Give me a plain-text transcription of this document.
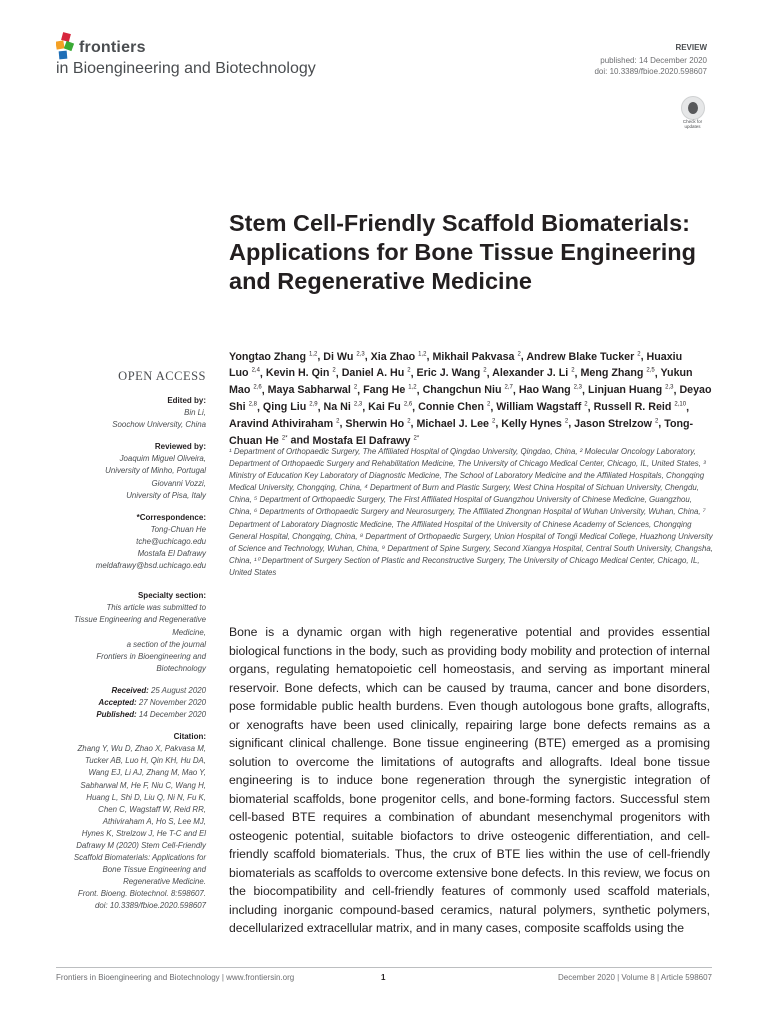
frontiers
in Bioengineering and Biotechnology
REVIEW
published: 14 December 2020
doi: 10.3389/fbioe.2020.598607
Check for updates
Stem Cell-Friendly Scaffold Biomaterials: Applications for Bone Tissue Engineering and Regenerative Medicine
Yongtao Zhang $^{1,2}$, Di Wu $^{2,3}$, Xia Zhao $^{1,2}$, Mikhail Pakvasa $^2$, Andrew Blake Tucker $^2$, Huaxiu Luo $^{2,4}$, Kevin H. Qin $^2$, Daniel A. Hu $^2$, Eric J. Wang $^2$, Alexander J. Li $^2$, Meng Zhang $^{2,5}$, Yukun Mao $^{2,6}$, Maya Sabharwal $^2$, Fang He $^{1,2}$, Changchun Niu $^{2,7}$, Hao Wang $^{2,3}$, Linjuan Huang $^{2,3}$, Deyao Shi $^{2,8}$, Qing Liu $^{2,9}$, Na Ni $^{2,3}$, Kai Fu $^{2,6}$, Connie Chen $^2$, William Wagstaff $^2$, Russell R. Reid $^{2,10}$, Aravind Athiviraham $^2$, Sherwin Ho $^2$, Michael J. Lee $^2$, Kelly Hynes $^2$, Jason Strelzow $^2$, Tong-Chuan He $^{2*}$ and Mostafa El Dafrawy $^{2*}$
¹ Department of Orthopaedic Surgery, The Affiliated Hospital of Qingdao University, Qingdao, China, ² Molecular Oncology Laboratory, Department of Orthopaedic Surgery and Rehabilitation Medicine, The University of Chicago Medical Center, Chicago, IL, United States, ³ Ministry of Education Key Laboratory of Diagnostic Medicine, The School of Laboratory Medicine and the Affiliated Hospitals, Chongqing Medical University, Chongqing, China, ⁴ Department of Burn and Plastic Surgery, West China Hospital of Sichuan University, Chengdu, China, ⁵ Department of Orthopaedic Surgery, The First Affiliated Hospital of Guangzhou University of Chinese Medicine, Guangzhou, China, ⁶ Departments of Orthopaedic Surgery and Neurosurgery, The Affiliated Zhongnan Hospital of Wuhan University, Wuhan, China, ⁷ Department of Laboratory Diagnostic Medicine, The Affiliated Hospital of the University of Chinese Academy of Sciences, Chongqing General Hospital, Chongqing, China, ⁸ Department of Orthopaedic Surgery, Union Hospital of Tongji Medical College, Huazhong University of Science and Technology, Wuhan, China, ⁹ Department of Spine Surgery, Second Xiangya Hospital, Central South University, Changsha, China, ¹⁰ Department of Surgery Section of Plastic and Reconstructive Surgery, The University of Chicago Medical Center, Chicago, IL, United States
OPEN ACCESS
Edited by:
Bin Li,
Soochow University, China
Reviewed by:
Joaquim Miguel Oliveira,
University of Minho, Portugal
Giovanni Vozzi,
University of Pisa, Italy
*Correspondence:
Tong-Chuan He
tche@uchicago.edu
Mostafa El Dafrawy
meldafrawy@bsd.uchicago.edu
Specialty section:
This article was submitted to
Tissue Engineering and Regenerative
Medicine,
a section of the journal
Frontiers in Bioengineering and
Biotechnology
Received: 25 August 2020
Accepted: 27 November 2020
Published: 14 December 2020
Citation:
Zhang Y, Wu D, Zhao X, Pakvasa M,
Tucker AB, Luo H, Qin KH, Hu DA,
Wang EJ, Li AJ, Zhang M, Mao Y,
Sabharwal M, He F, Niu C, Wang H,
Huang L, Shi D, Liu Q, Ni N, Fu K,
Chen C, Wagstaff W, Reid RR,
Athiviraham A, Ho S, Lee MJ,
Hynes K, Strelzow J, He T-C and El
Dafrawy M (2020) Stem Cell-Friendly
Scaffold Biomaterials: Applications for
Bone Tissue Engineering and
Regenerative Medicine.
Front. Bioeng. Biotechnol. 8:598607.
doi: 10.3389/fbioe.2020.598607
Bone is a dynamic organ with high regenerative potential and provides essential biological functions in the body, such as providing body mobility and protection of internal organs, regulating hematopoietic cell homeostasis, and serving as important mineral reservoir. Bone defects, which can be caused by trauma, cancer and bone disorders, pose formidable public health burdens. Even though autologous bone grafts, allografts, or xenografts have been used clinically, repairing large bone defects remains as a significant clinical challenge. Bone tissue engineering (BTE) emerged as a promising solution to overcome the limitations of autografts and allografts. Ideal bone tissue engineering is to induce bone regeneration through the synergistic integration of biomaterial scaffolds, bone progenitor cells, and bone-forming factors. Successful stem cell-based BTE requires a combination of abundant mesenchymal progenitors with osteogenic potential, suitable biofactors to drive osteogenic differentiation, and cell-friendly scaffold biomaterials. Thus, the crux of BTE lies within the use of cell-friendly biomaterials as scaffolds to overcome extensive bone defects. In this review, we focus on the biocompatibility and cell-friendly features of commonly used scaffold materials, including inorganic compound-based ceramics, natural polymers, synthetic polymers, decellularized extracellular matrix, and in many cases, composite scaffolds using the
Frontiers in Bioengineering and Biotechnology | www.frontiersin.org	1	December 2020 | Volume 8 | Article 598607
